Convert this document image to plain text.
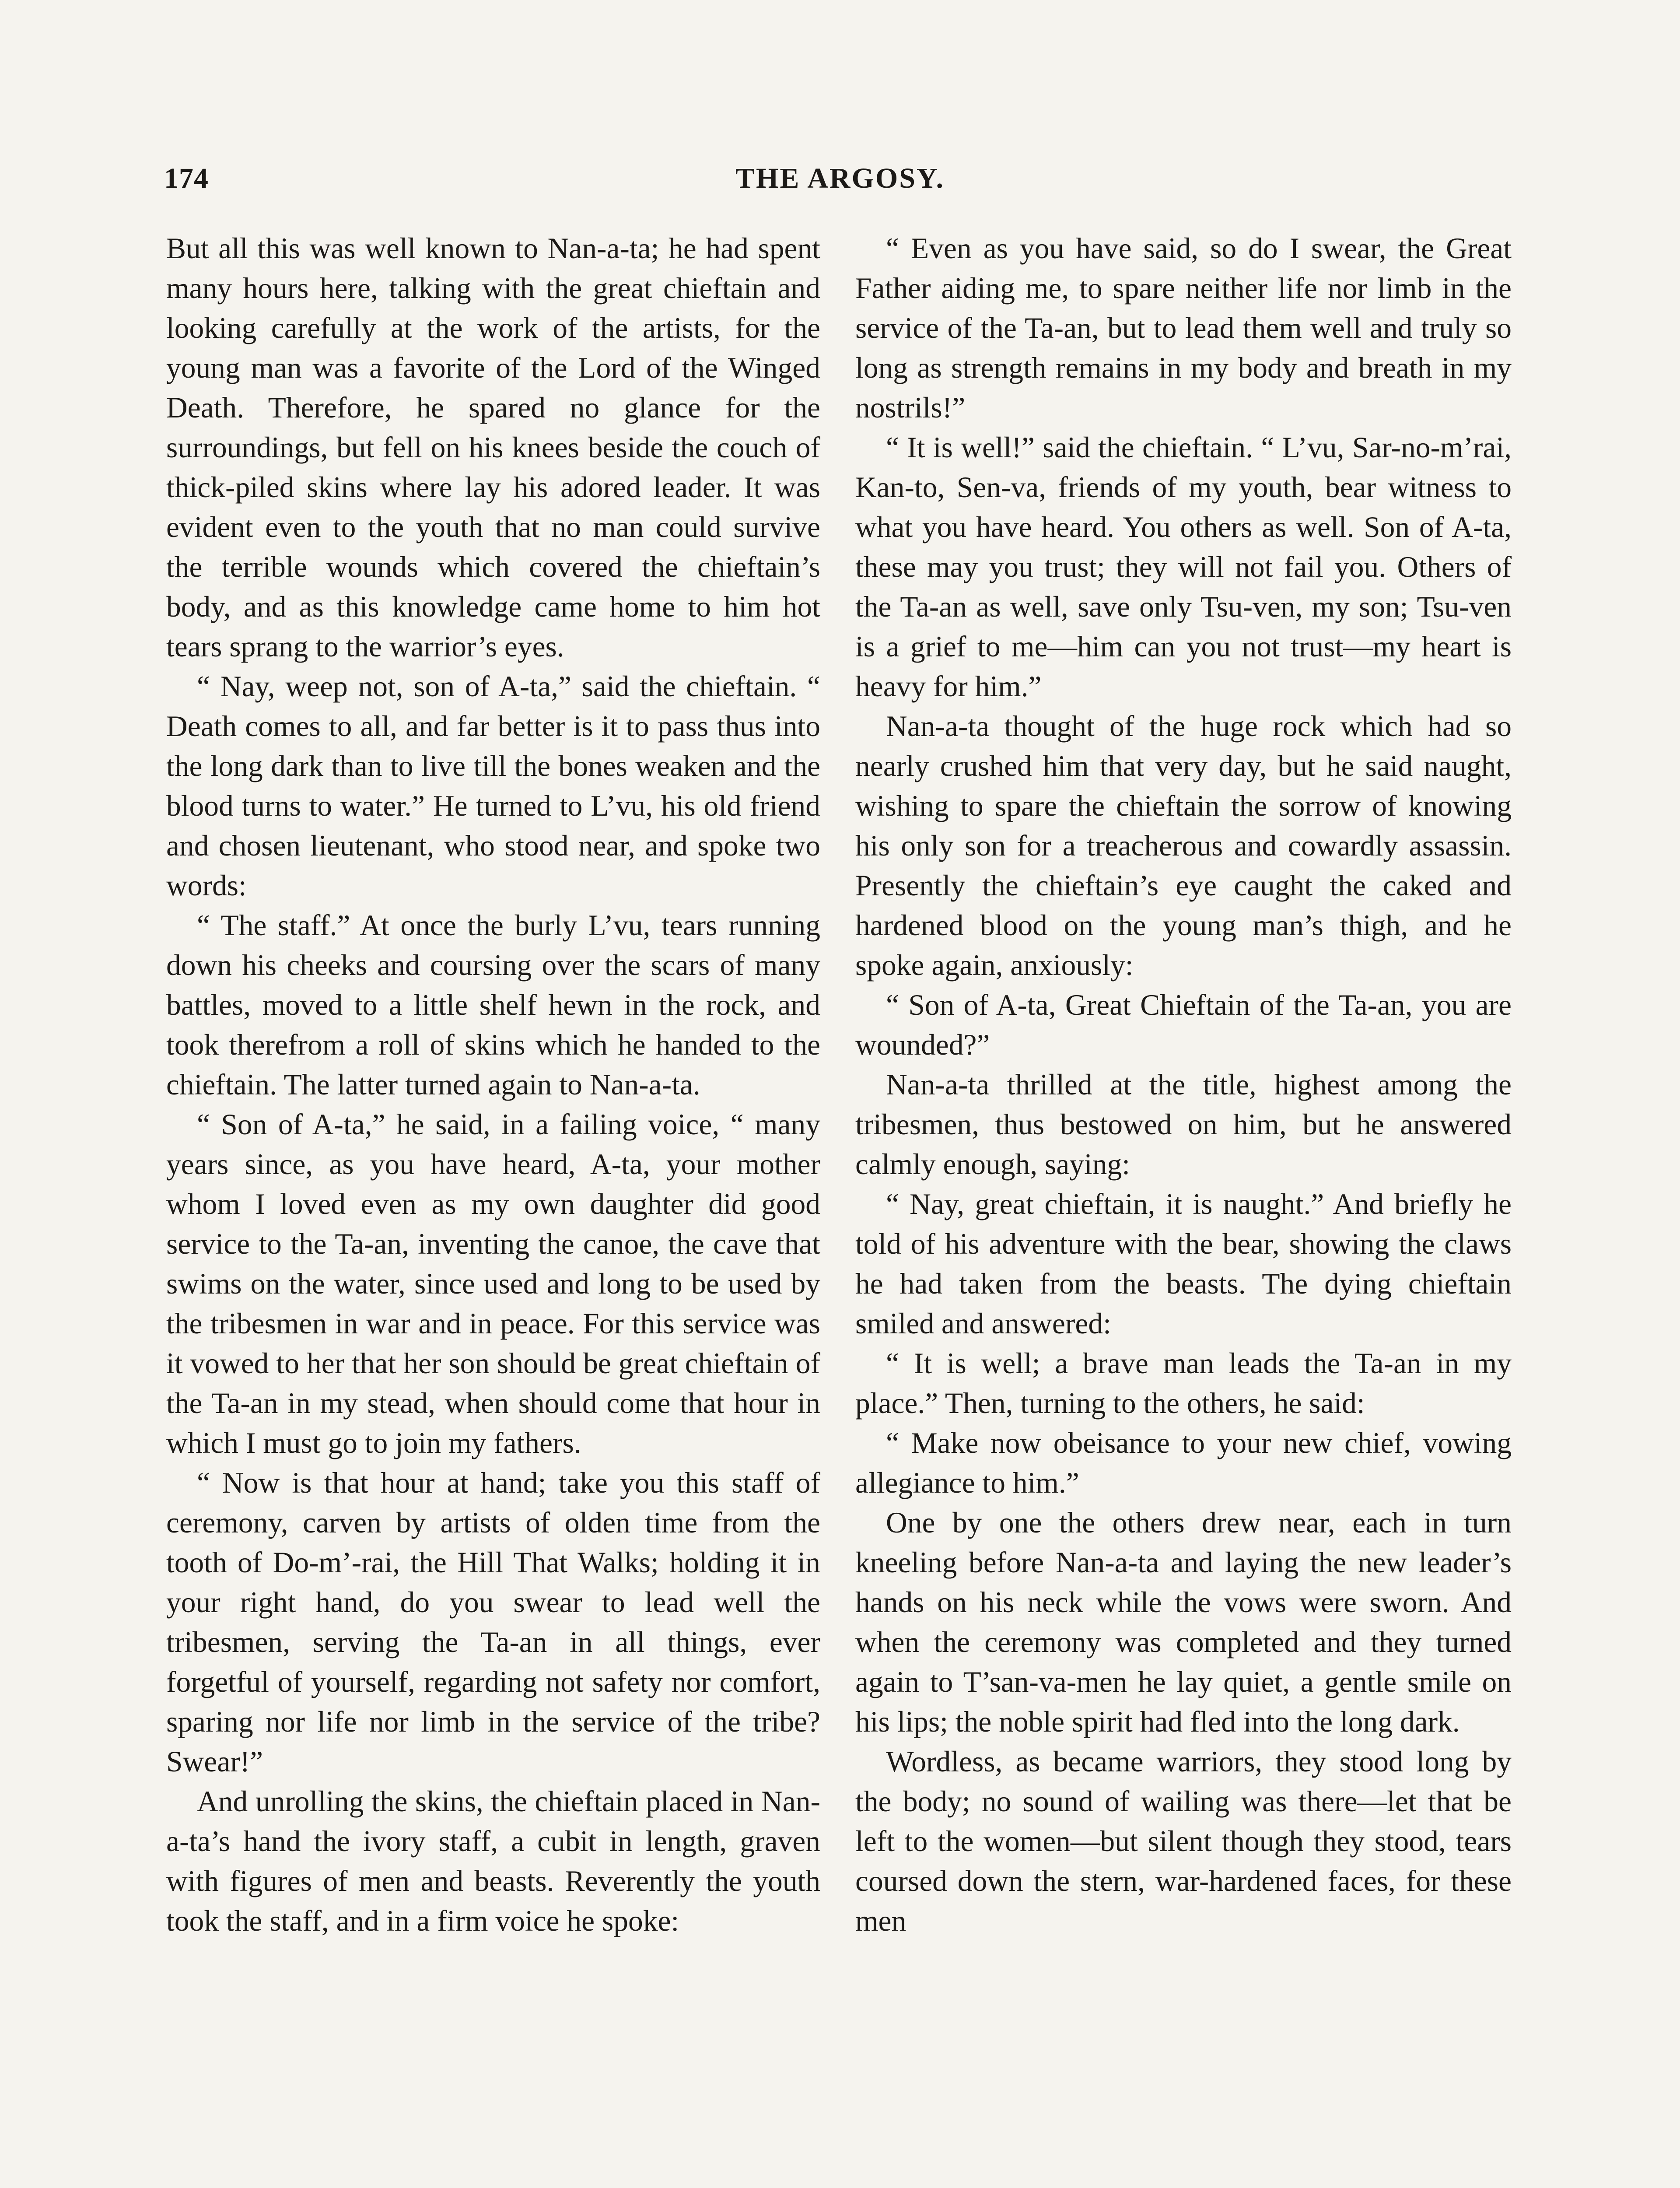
174	THE ARGOSY.

But all this was well known to Nan-a-ta; he had spent many hours here, talking with the great chieftain and looking carefully at the work of the artists, for the young man was a favorite of the Lord of the Winged Death. Therefore, he spared no glance for the surroundings, but fell on his knees beside the couch of thick-piled skins where lay his adored leader. It was evident even to the youth that no man could survive the terrible wounds which covered the chieftain’s body, and as this knowledge came home to him hot tears sprang to the warrior’s eyes.

“ Nay, weep not, son of A-ta,” said the chieftain. “ Death comes to all, and far better is it to pass thus into the long dark than to live till the bones weaken and the blood turns to water.” He turned to L’vu, his old friend and chosen lieutenant, who stood near, and spoke two words:

“ The staff.” At once the burly L’vu, tears running down his cheeks and coursing over the scars of many battles, moved to a little shelf hewn in the rock, and took therefrom a roll of skins which he handed to the chieftain. The latter turned again to Nan-a-ta.

“ Son of A-ta,” he said, in a failing voice, “ many years since, as you have heard, A-ta, your mother whom I loved even as my own daughter did good service to the Ta-an, inventing the canoe, the cave that swims on the water, since used and long to be used by the tribesmen in war and in peace. For this service was it vowed to her that her son should be great chieftain of the Ta-an in my stead, when should come that hour in which I must go to join my fathers.

“ Now is that hour at hand; take you this staff of ceremony, carven by artists of olden time from the tooth of Do-m’-rai, the Hill That Walks; holding it in your right hand, do you swear to lead well the tribesmen, serving the Ta-an in all things, ever forgetful of yourself, regarding not safety nor comfort, sparing nor life nor limb in the service of the tribe? Swear!”

And unrolling the skins, the chieftain placed in Nan-a-ta’s hand the ivory staff, a cubit in length, graven with figures of men and beasts. Reverently the youth took the staff, and in a firm voice he spoke:

“ Even as you have said, so do I swear, the Great Father aiding me, to spare neither life nor limb in the service of the Ta-an, but to lead them well and truly so long as strength remains in my body and breath in my nostrils!”

“ It is well!” said the chieftain. “ L’vu, Sar-no-m’rai, Kan-to, Sen-va, friends of my youth, bear witness to what you have heard. You others as well. Son of A-ta, these may you trust; they will not fail you. Others of the Ta-an as well, save only Tsu-ven, my son; Tsu-ven is a grief to me—him can you not trust—my heart is heavy for him.”

Nan-a-ta thought of the huge rock which had so nearly crushed him that very day, but he said naught, wishing to spare the chieftain the sorrow of knowing his only son for a treacherous and cowardly assassin. Presently the chieftain’s eye caught the caked and hardened blood on the young man’s thigh, and he spoke again, anxiously:

“ Son of A-ta, Great Chieftain of the Ta-an, you are wounded?”

Nan-a-ta thrilled at the title, highest among the tribesmen, thus bestowed on him, but he answered calmly enough, saying:

“ Nay, great chieftain, it is naught.” And briefly he told of his adventure with the bear, showing the claws he had taken from the beasts. The dying chieftain smiled and answered:

“ It is well; a brave man leads the Ta-an in my place.” Then, turning to the others, he said:

“ Make now obeisance to your new chief, vowing allegiance to him.”

One by one the others drew near, each in turn kneeling before Nan-a-ta and laying the new leader’s hands on his neck while the vows were sworn. And when the ceremony was completed and they turned again to T’san-va-men he lay quiet, a gentle smile on his lips; the noble spirit had fled into the long dark.

Wordless, as became warriors, they stood long by the body; no sound of wailing was there—let that be left to the women—but silent though they stood, tears coursed down the stern, war-hardened faces, for these men
